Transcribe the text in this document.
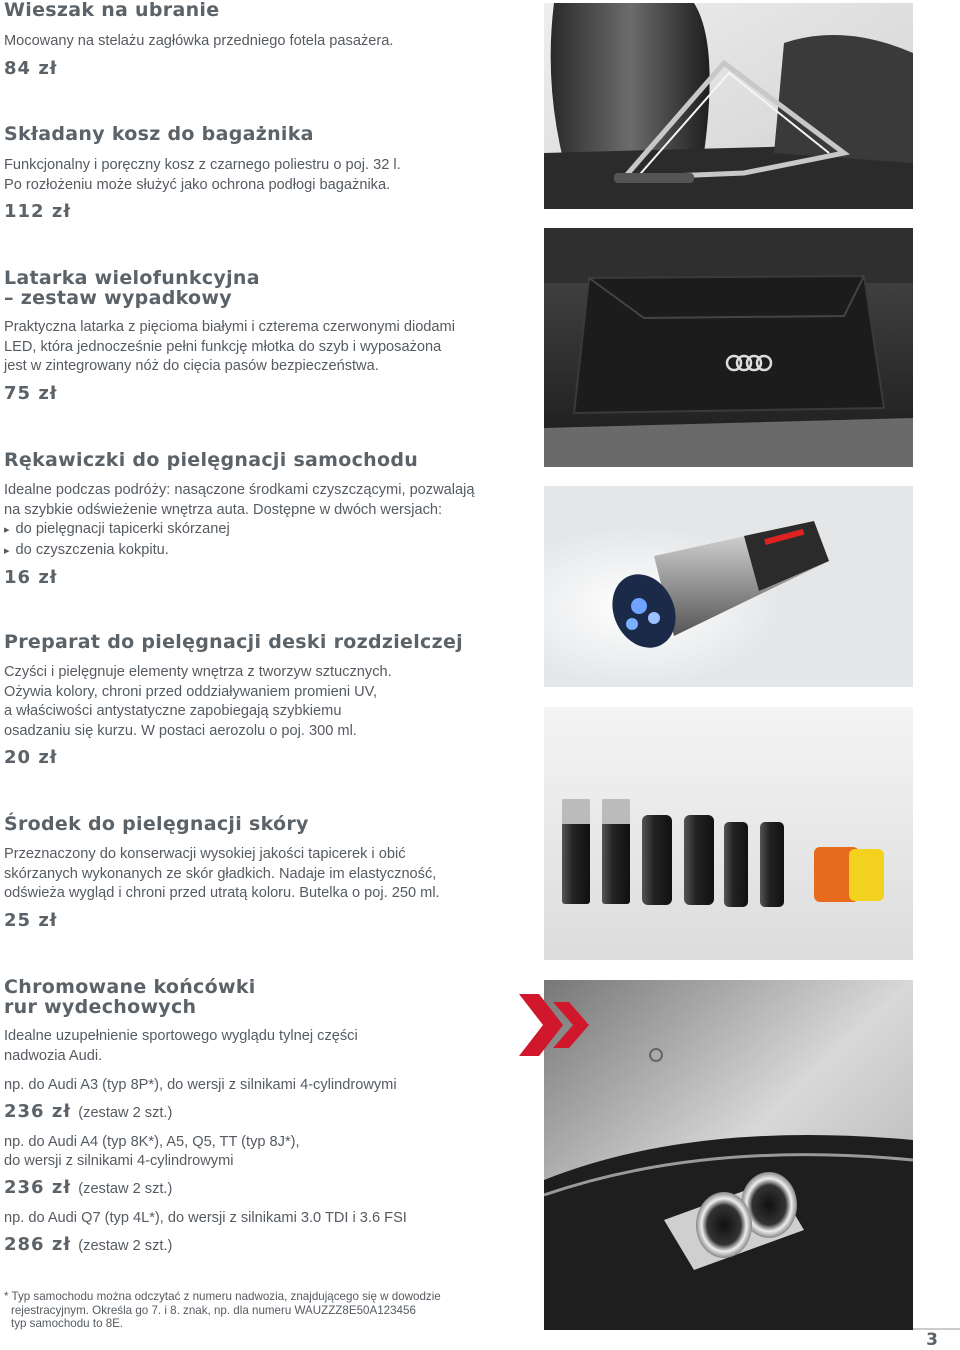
Wieszak na ubranie

Mocowany na stelażu zagłówka przedniego fotela pasażera.

84 zł
Składany kosz do bagażnika

Funkcjonalny i poręczny kosz z czarnego poliestru o poj. 32 l.

Po rozłożeniu może służyć jako ochrona podłogi bagażnika.

112 zł
Latarka wielofunkcyjna
– zestaw wypadkowy

Praktyczna latarka z pięcioma białymi i czterema czerwonymi diodami

LED, która jednocześnie pełni funkcję młotka do szyb i wyposażona

jest w zintegrowany nóż do cięcia pasów bezpieczeństwa.

75 zł
Rękawiczki do pielęgnacji samochodu

Idealne podczas podróży: nasączone środkami czyszczącymi, pozwalają

na szybkie odświeżenie wnętrza auta. Dostępne w dwóch wersjach:

▸ do pielęgnacji tapicerki skórzanej
▸ do czyszczenia kokpitu.
16 zł
Preparat do pielęgnacji deski rozdzielczej

Czyści i pielęgnuje elementy wnętrza z tworzyw sztucznych.

Ożywia kolory, chroni przed oddziaływaniem promieni UV,

a właściwości antystatyczne zapobiegają szybkiemu

osadzaniu się kurzu. W postaci aerozolu o poj. 300 ml.

20 zł
Środek do pielęgnacji skóry

Przeznaczony do konserwacji wysokiej jakości tapicerek i obić

skórzanych wykonanych ze skór gładkich. Nadaje im elastyczność,

odświeża wygląd i chroni przed utratą koloru. Butelka o poj. 250 ml.

25 zł
Chromowane końcówki
rur wydechowych

Idealne uzupełnienie sportowego wyglądu tylnej części

nadwozia Audi.

np. do Audi A3 (typ 8P*), do wersji z silnikami 4-cylindrowymi

236 zł (zestaw 2 szt.)

np. do Audi A4 (typ 8K*), A5, Q5, TT (typ 8J*),

do wersji z silnikami 4-cylindrowymi

236 zł (zestaw 2 szt.)

np. do Audi Q7 (typ 4L*), do wersji z silnikami 3.0 TDI i 3.6 FSI

286 zł (zestaw 2 szt.)
* Typ samochodu można odczytać z numeru nadwozia, znajdującego się w dowodzie
rejestracyjnym. Określa go 7. i 8. znak, np. dla numeru WAUZZZ8E50A123456
typ samochodu to 8E.
3
